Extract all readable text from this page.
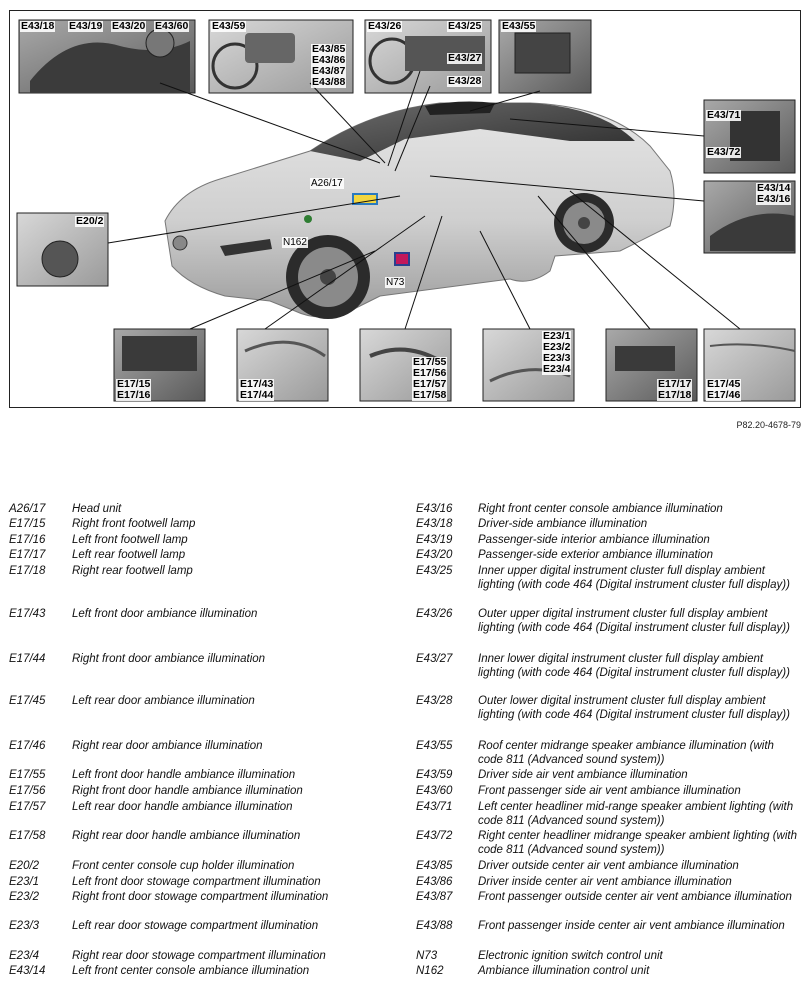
E43/18 E43/19 E43/20 E43/60 E43/59
E43/85
E43/86
E43/87
E43/88
E43/26	E43/25
E43/27
E43/28
E43/55
E43/71
E43/72
E43/14
E43/16
E20/2
A26/17
N162
N73
E17/15
E17/16
E17/43
E17/44
E17/55
E17/56
E17/57
E17/58
E23/1
E23/2
E23/3
E23/4
E17/17
E17/18
E17/45
E17/46
P82.20-4678-79
A26/17 Head unit
E17/15 Right front footwell lamp
E17/16 Left front footwell lamp
E17/17 Left rear footwell lamp
E17/18 Right rear footwell lamp
E17/43 Left front door ambiance illumination
E17/44 Right front door ambiance illumination
E17/45 Left rear door ambiance illumination
E17/46 Right rear door ambiance illumination
E17/55 Left front door handle ambiance illumination
E17/56 Right front door handle ambiance illumination
E17/57 Left rear door handle ambiance illumination
E17/58 Right rear door handle ambiance illumination
E20/2	Front center console cup holder illumination
E23/1	Left front door stowage compartment illumination
E23/2	Right front door stowage compartment illumination
E23/3	Left rear door stowage compartment illumination
E23/4	Right rear door stowage compartment illumination
E43/14 Left front center console ambiance illumination
E43/16 Right front center console ambiance illumination
E43/18 Driver-side ambiance illumination
E43/19 Passenger-side interior ambiance illumination
E43/20 Passenger-side exterior ambiance illumination
E43/25 Inner upper digital instrument cluster full display ambient lighting (with code 464 (Digital instrument cluster full display))
E43/26 Outer upper digital instrument cluster full display ambient lighting (with code 464 (Digital instrument cluster full display))
E43/27 Inner lower digital instrument cluster full display ambient lighting (with code 464 (Digital instrument cluster full display))
E43/28 Outer lower digital instrument cluster full display ambient lighting (with code 464 (Digital instrument cluster full display))
E43/55 Roof center midrange speaker ambiance illumination (with code 811 (Advanced sound system))
E43/59 Driver side air vent ambiance illumination
E43/60 Front passenger side air vent ambiance illumination
E43/71 Left center headliner mid-range speaker ambient lighting (with code 811 (Advanced sound system))
E43/72 Right center headliner midrange speaker ambient lighting (with code 811 (Advanced sound system))
E43/85 Driver outside center air vent ambiance illumination
E43/86 Driver inside center air vent ambiance illumination
E43/87 Front passenger outside center air vent ambiance illumination
E43/88 Front passenger inside center air vent ambiance illumination
N73	Electronic ignition switch control unit
N162	Ambiance illumination control unit
